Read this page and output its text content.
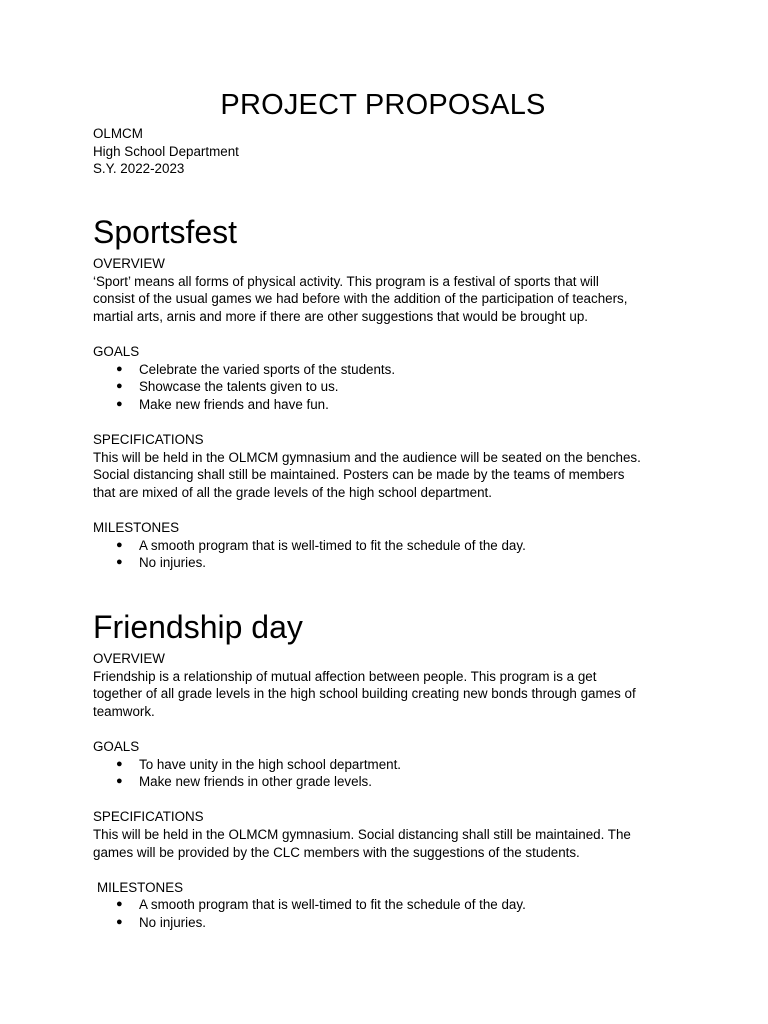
PROJECT PROPOSALS
OLMCM
High School Department
S.Y. 2022-2023
Sportsfest
OVERVIEW
‘Sport’ means all forms of physical activity. This program is a festival of sports that will
consist of the usual games we had before with the addition of the participation of teachers,
martial arts, arnis and more if there are other suggestions that would be brought up.
GOALS
● Celebrate the varied sports of the students.
● Showcase the talents given to us.
● Make new friends and have fun.
SPECIFICATIONS
This will be held in the OLMCM gymnasium and the audience will be seated on the benches.
Social distancing shall still be maintained. Posters can be made by the teams of members
that are mixed of all the grade levels of the high school department.
MILESTONES
● A smooth program that is well-timed to fit the schedule of the day.
● No injuries.
Friendship day
OVERVIEW
Friendship is a relationship of mutual affection between people. This program is a get
together of all grade levels in the high school building creating new bonds through games of
teamwork.
GOALS
● To have unity in the high school department.
● Make new friends in other grade levels.
SPECIFICATIONS
This will be held in the OLMCM gymnasium. Social distancing shall still be maintained. The
games will be provided by the CLC members with the suggestions of the students.
MILESTONES
● A smooth program that is well-timed to fit the schedule of the day.
● No injuries.
